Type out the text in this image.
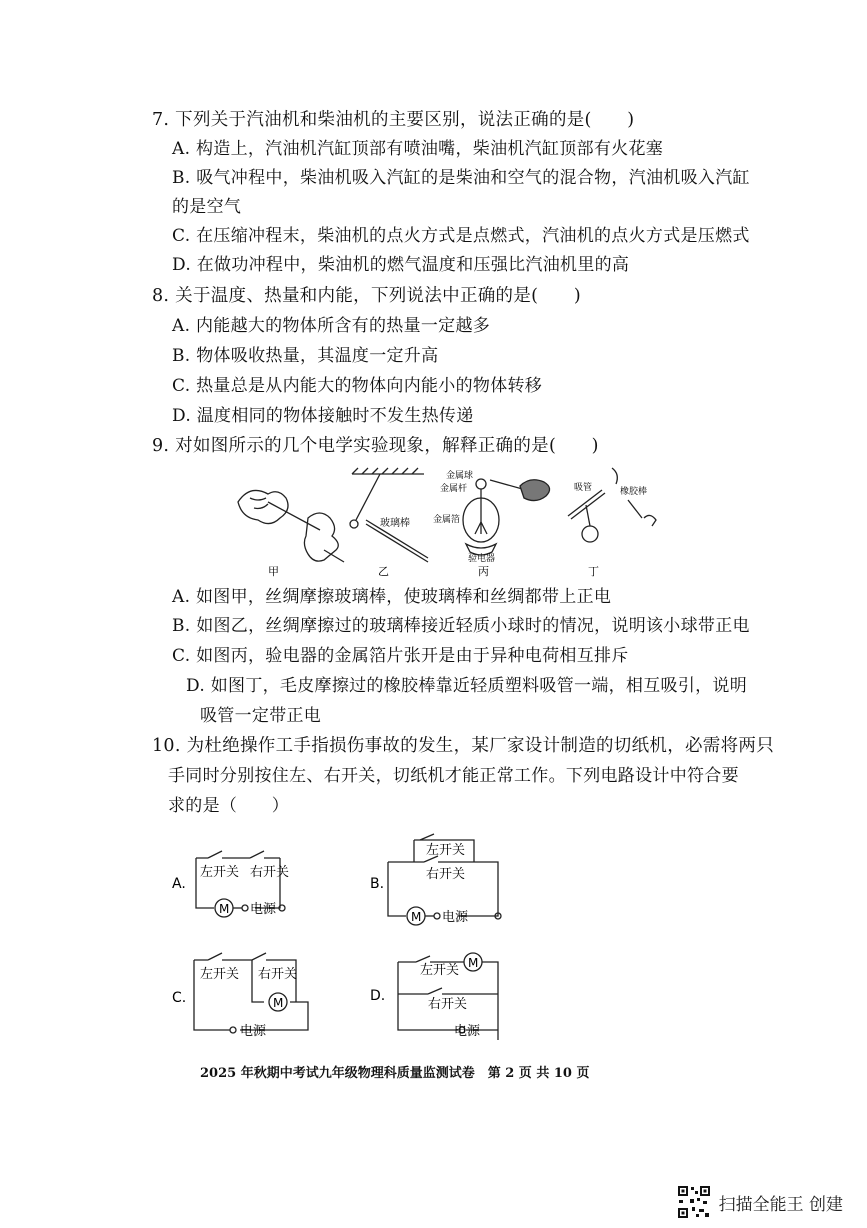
7. 下列关于汽油机和柴油机的主要区别，说法正确的是(　　)
A. 构造上，汽油机汽缸顶部有喷油嘴，柴油机汽缸顶部有火花塞
B. 吸气冲程中，柴油机吸入汽缸的是柴油和空气的混合物，汽油机吸入汽缸
的是空气
C. 在压缩冲程末，柴油机的点火方式是点燃式，汽油机的点火方式是压燃式
D. 在做功冲程中，柴油机的燃气温度和压强比汽油机里的高
8. 关于温度、热量和内能，下列说法中正确的是(　　)
A. 内能越大的物体所含有的热量一定越多
B. 物体吸收热量，其温度一定升高
C. 热量总是从内能大的物体向内能小的物体转移
D. 温度相同的物体接触时不发生热传递
9. 对如图所示的几个电学实验现象，解释正确的是(　　)
甲
玻璃棒
乙
金属球
金属杆
金属箔
验电器
丙
吸管	橡胶棒
丁
A. 如图甲，丝绸摩擦玻璃棒，使玻璃棒和丝绸都带上正电
B. 如图乙，丝绸摩擦过的玻璃棒接近轻质小球时的情况，说明该小球带正电
C. 如图丙，验电器的金属箔片张开是由于异种电荷相互排斥
D. 如图丁，毛皮摩擦过的橡胶棒靠近轻质塑料吸管一端，相互吸引，说明
吸管一定带正电
10. 为杜绝操作工手指损伤事故的发生，某厂家设计制造的切纸机，必需将两只
手同时分别按住左、右开关，切纸机才能正常工作。下列电路设计中符合要
求的是（　　）
A.
左开关 右开关
M 电源
B.
左开关
右开关
M 电源
C.
左开关 右开关
M
电源
D.
左开关 M
右开关
电源
2025 年秋期中考试九年级物理科质量监测试卷　第 2 页 共 10 页
扫描全能王 创建
